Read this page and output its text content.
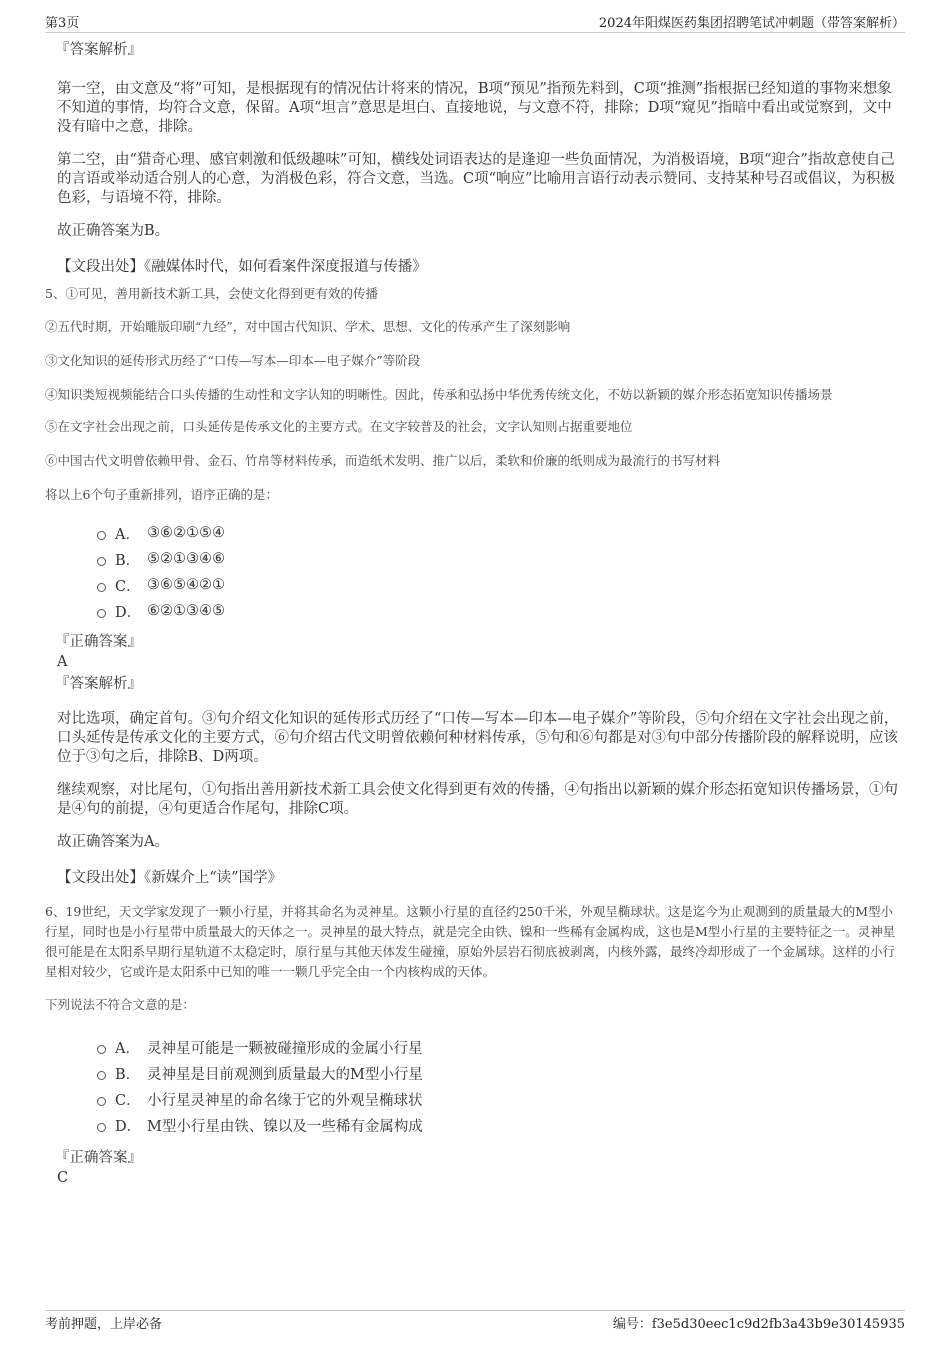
第3页	2024年阳煤医药集团招聘笔试冲刺题（带答案解析）
『答案解析』
第一空，由文意及“将”可知，是根据现有的情况估计将来的情况，B项“预见”指预先料到，C项“推测”指根据已经知道的事物来想象不知道的事情，均符合文意，保留。A项“坦言”意思是坦白、直接地说，与文意不符，排除；D项“窥见”指暗中看出或觉察到，文中没有暗中之意，排除。
第二空，由“猎奇心理、感官刺激和低级趣味”可知，横线处词语表达的是逢迎一些负面情况，为消极语境，B项“迎合”指故意使自己的言语或举动适合别人的心意，为消极色彩，符合文意，当选。C项“响应”比喻用言语行动表示赞同、支持某种号召或倡议，为积极色彩，与语境不符，排除。
故正确答案为B。
【文段出处】《融媒体时代，如何看案件深度报道与传播》
5、①可见，善用新技术新工具，会使文化得到更有效的传播
②五代时期，开始雕版印刷“九经”，对中国古代知识、学术、思想、文化的传承产生了深刻影响
③文化知识的延传形式历经了“口传—写本—印本—电子媒介”等阶段
④知识类短视频能结合口头传播的生动性和文字认知的明晰性。因此，传承和弘扬中华优秀传统文化，不妨以新颖的媒介形态拓宽知识传播场景
⑤在文字社会出现之前，口头延传是传承文化的主要方式。在文字较普及的社会，文字认知则占据重要地位
⑥中国古代文明曾依赖甲骨、金石、竹帛等材料传承，而造纸术发明、推广以后，柔软和价廉的纸则成为最流行的书写材料
将以上6个句子重新排列，语序正确的是：
A． ③⑥②①⑤④
B． ⑤②①③④⑥
C． ③⑥⑤④②①
D． ⑥②①③④⑤
『正确答案』
A
『答案解析』
对比选项，确定首句。③句介绍文化知识的延传形式历经了“口传—写本—印本—电子媒介”等阶段，⑤句介绍在文字社会出现之前，口头延传是传承文化的主要方式，⑥句介绍古代文明曾依赖何种材料传承，⑤句和⑥句都是对③句中部分传播阶段的解释说明，应该位于③句之后，排除B、D两项。
继续观察，对比尾句，①句指出善用新技术新工具会使文化得到更有效的传播，④句指出以新颖的媒介形态拓宽知识传播场景，①句是④句的前提，④句更适合作尾句，排除C项。
故正确答案为A。
【文段出处】《新媒介上“读”国学》
6、19世纪，天文学家发现了一颗小行星，并将其命名为灵神星。这颗小行星的直径约250千米，外观呈椭球状。这是迄今为止观测到的质量最大的M型小行星，同时也是小行星带中质量最大的天体之一。灵神星的最大特点，就是完全由铁、镍和一些稀有金属构成，这也是M型小行星的主要特征之一。灵神星很可能是在太阳系早期行星轨道不太稳定时，原行星与其他天体发生碰撞，原始外层岩石彻底被剥离，内核外露，最终冷却形成了一个金属球。这样的小行星相对较少，它或许是太阳系中已知的唯一一颗几乎完全由一个内核构成的天体。
下列说法不符合文意的是：
A． 灵神星可能是一颗被碰撞形成的金属小行星
B． 灵神星是目前观测到质量最大的M型小行星
C． 小行星灵神星的命名缘于它的外观呈椭球状
D． M型小行星由铁、镍以及一些稀有金属构成
『正确答案』
C
考前押题，上岸必备	编号：f3e5d30eec1c9d2fb3a43b9e30145935
